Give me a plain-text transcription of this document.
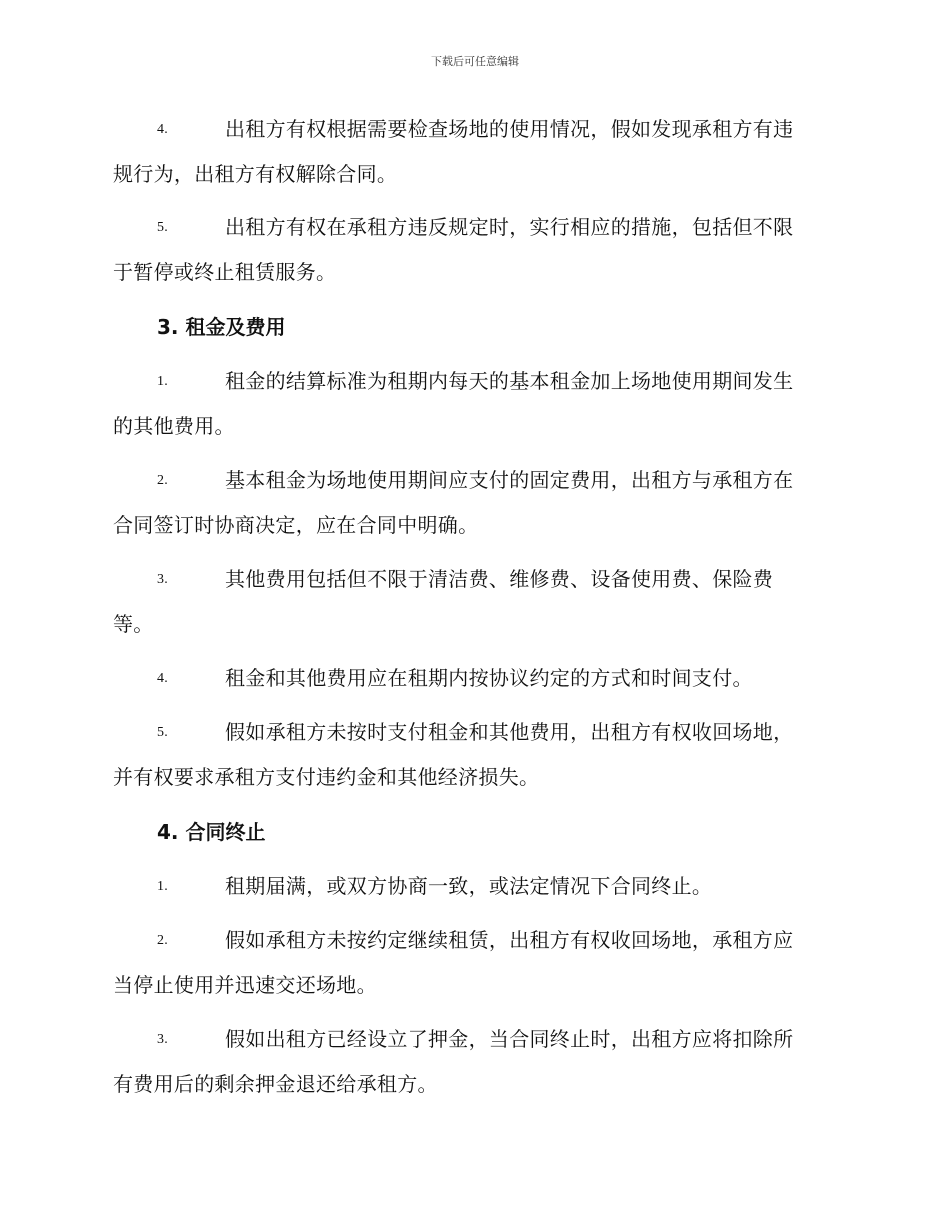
下载后可任意编辑
4.	出租方有权根据需要检查场地的使用情况，假如发现承租方有违
规行为，出租方有权解除合同。
5.	出租方有权在承租方违反规定时，实行相应的措施，包括但不限
于暂停或终止租赁服务。
3. 租金及费用
1.	租金的结算标准为租期内每天的基本租金加上场地使用期间发生
的其他费用。
2.	基本租金为场地使用期间应支付的固定费用，出租方与承租方在
合同签订时协商决定，应在合同中明确。
3.	其他费用包括但不限于清洁费、维修费、设备使用费、保险费
等。
4.	租金和其他费用应在租期内按协议约定的方式和时间支付。
5.	假如承租方未按时支付租金和其他费用，出租方有权收回场地，
并有权要求承租方支付违约金和其他经济损失。
4. 合同终止
1.	租期届满，或双方协商一致，或法定情况下合同终止。
2.	假如承租方未按约定继续租赁，出租方有权收回场地，承租方应
当停止使用并迅速交还场地。
3.	假如出租方已经设立了押金，当合同终止时，出租方应将扣除所
有费用后的剩余押金退还给承租方。
